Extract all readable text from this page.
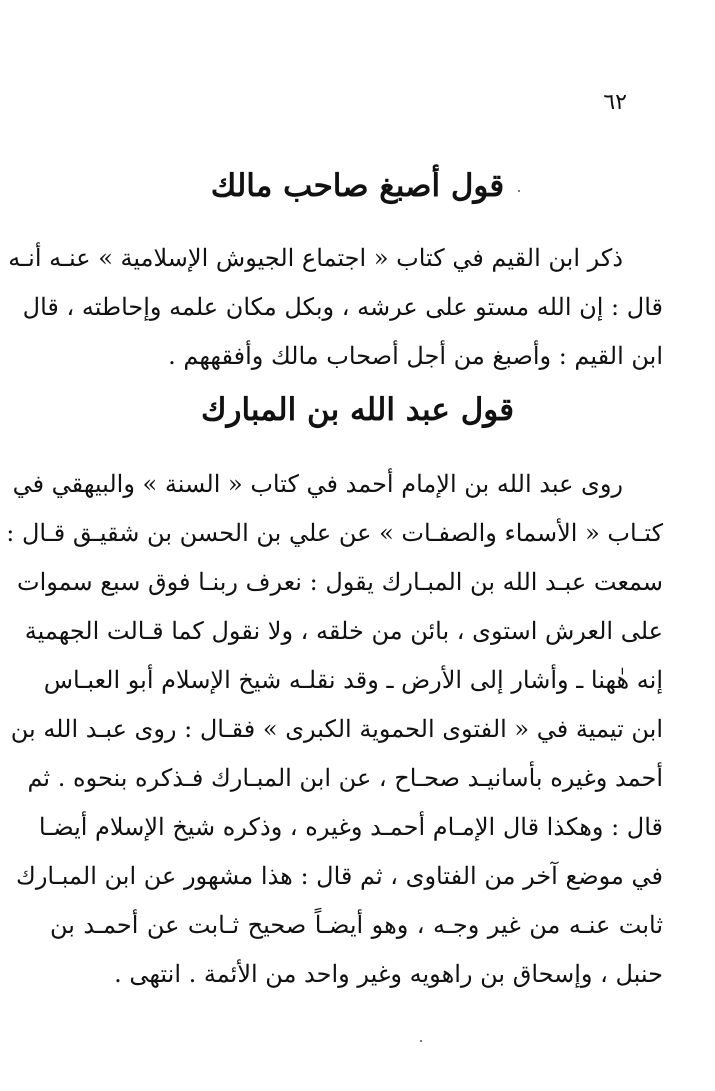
٦٢
قول أصبغ صاحب مالك
ذكر ابن القيم في كتاب « اجتماع الجيوش الإسلامية » عنـه أنـه
قال : إن الله مستو على عرشه ، وبكل مكان علمه وإحاطته ، قال
ابن القيم : وأصبغ من أجل أصحاب مالك وأفقههم .
قول عبد الله بن المبارك
روى عبد الله بن الإمام أحمد في كتاب « السنة » والبيهقي في
كتـاب « الأسماء والصفـات » عن علي بن الحسن بن شقيـق قـال :
سمعت عبـد الله بن المبـارك يقول : نعرف ربنـا فوق سبع سموات
على العرش استوى ، بائن من خلقه ، ولا نقول كما قـالت الجهمية
إنه هٰهنا ـ وأشار إلى الأرض ـ وقد نقلـه شيخ الإسلام أبو العبـاس
ابن تيمية في « الفتوى الحموية الكبرى » فقـال : روى عبـد الله بن
أحمد وغيره بأسانيـد صحـاح ، عن ابن المبـارك فـذكره بنحوه . ثم
قال : وهكذا قال الإمـام أحمـد وغيره ، وذكره شيخ الإسلام أيضـا
في موضع آخر من الفتاوى ، ثم قال : هذا مشهور عن ابن المبـارك
ثابت عنـه من غير وجـه ، وهو أيضـاً صحيح ثـابت عن أحمـد بن
حنبل ، وإسحاق بن راهويه وغير واحد من الأئمة . انتهى .
